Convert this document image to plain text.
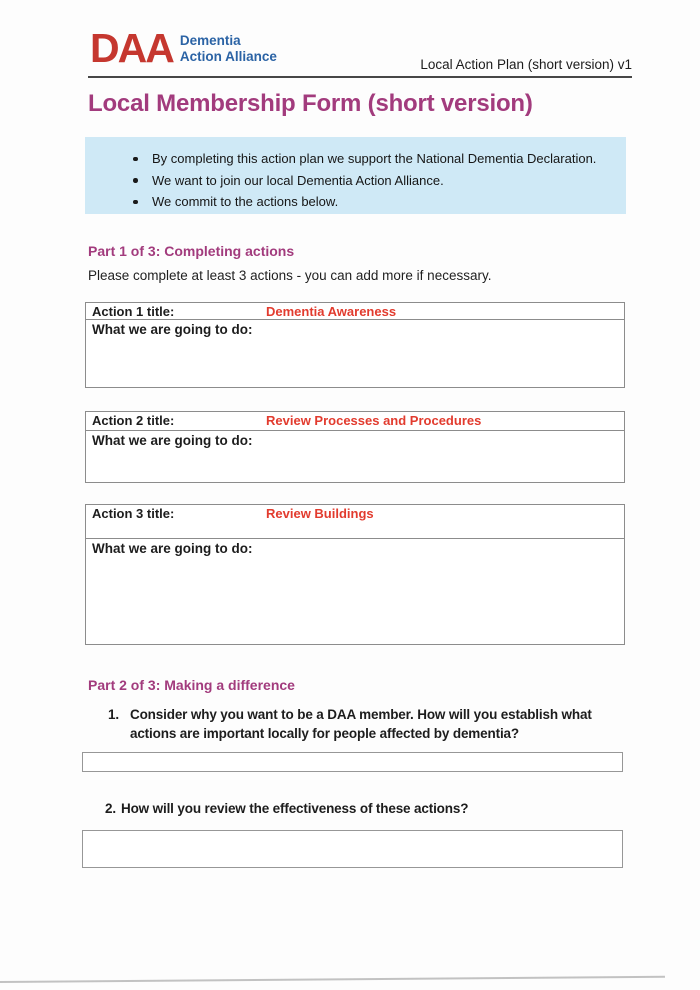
DAA Dementia
Action Alliance
Local Action Plan (short version) v1
Local Membership Form (short version)
By completing this action plan we support the National Dementia Declaration.
We want to join our local Dementia Action Alliance.
We commit to the actions below.
Part 1 of 3: Completing actions
Please complete at least 3 actions - you can add more if necessary.
Action 1 title:	Dementia Awareness
What we are going to do:
Action 2 title:	Review Processes and Procedures
What we are going to do:
Action 3 title:	Review Buildings
What we are going to do:
Part 2 of 3: Making a difference
1. Consider why you want to be a DAA member. How will you establish what actions are important locally for people affected by dementia?
2. How will you review the effectiveness of these actions?
